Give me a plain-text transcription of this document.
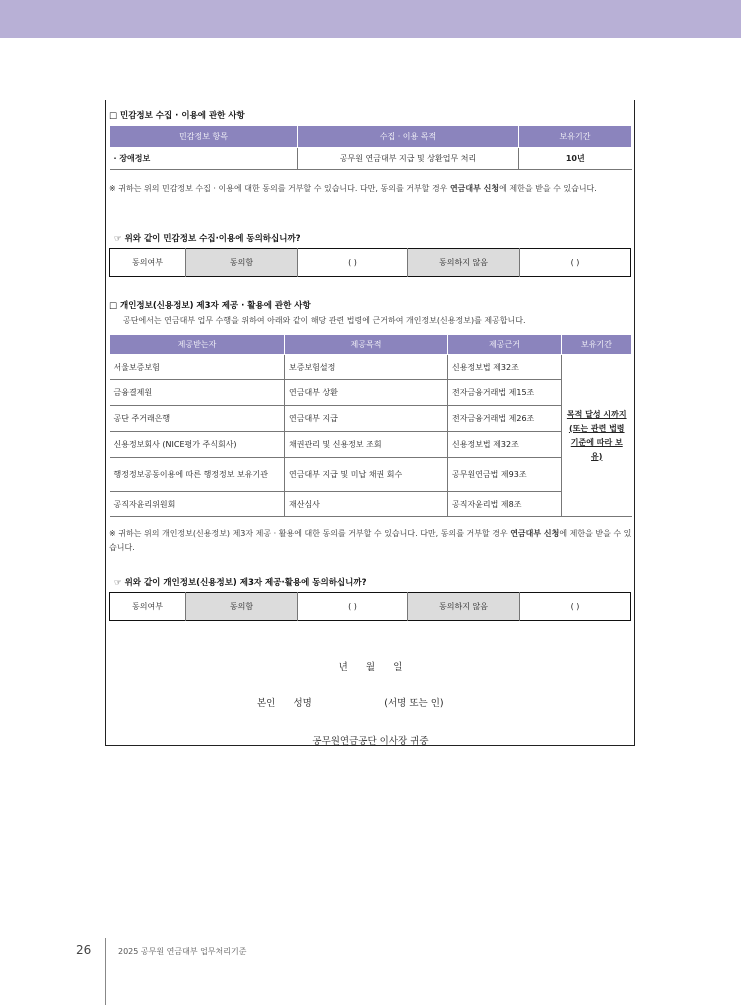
□ 민감정보 수집 · 이용에 관한 사항
민감정보 항목	수집 · 이용 목적	보유기간
· 장애정보	공무원 연금대부 지급 및 상환업무 처리	10년
※ 귀하는 위의 민감정보 수집 · 이용에 대한 동의를 거부할 수 있습니다. 다만, 동의를 거부할 경우 연금대부 신청에 제한을 받을 수 있습니다.
☞ 위와 같이 민감정보 수집·이용에 동의하십니까?
동의여부	동의함	( )	동의하지 않음	( )
□ 개인정보(신용정보) 제3자 제공 · 활용에 관한 사항
공단에서는 연금대부 업무 수행을 위하여 아래와 같이 해당 관련 법령에 근거하여 개인정보(신용정보)를 제공합니다.
제공받는자	제공목적	제공근거	보유기간
서울보증보험	보증보험설정	신용정보법 제32조	목적 달성 시까지 (또는 관련 법령 기준에 따라 보유)

금융결제원	연금대부 상환	전자금융거래법 제15조	
공단 주거래은행	연금대부 지급	전자금융거래법 제26조	
신용정보회사 (NICE평가 주식회사)	채권관리 및 신용정보 조회	신용정보법 제32조	
행정정보공동이용에 따른 행정정보 보유기관	연금대부 지급 및 미납 채권 회수	공무원연금법 제93조	
공직자윤리위원회	재산심사	공직자윤리법 제8조	
※ 귀하는 위의 개인정보(신용정보) 제3자 제공 · 활용에 대한 동의를 거부할 수 있습니다. 다만, 동의를 거부할 경우 연금대부 신청에 제한을 받을 수 있습니다.
☞ 위와 같이 개인정보(신용정보) 제3자 제공·활용에 동의하십니까?
동의여부	동의함	( )	동의하지 않음	( )
년      월      일
본인      성명                        (서명 또는 인)
공무원연금공단 이사장 귀중
26	2025 공무원 연금대부 업무처리기준
